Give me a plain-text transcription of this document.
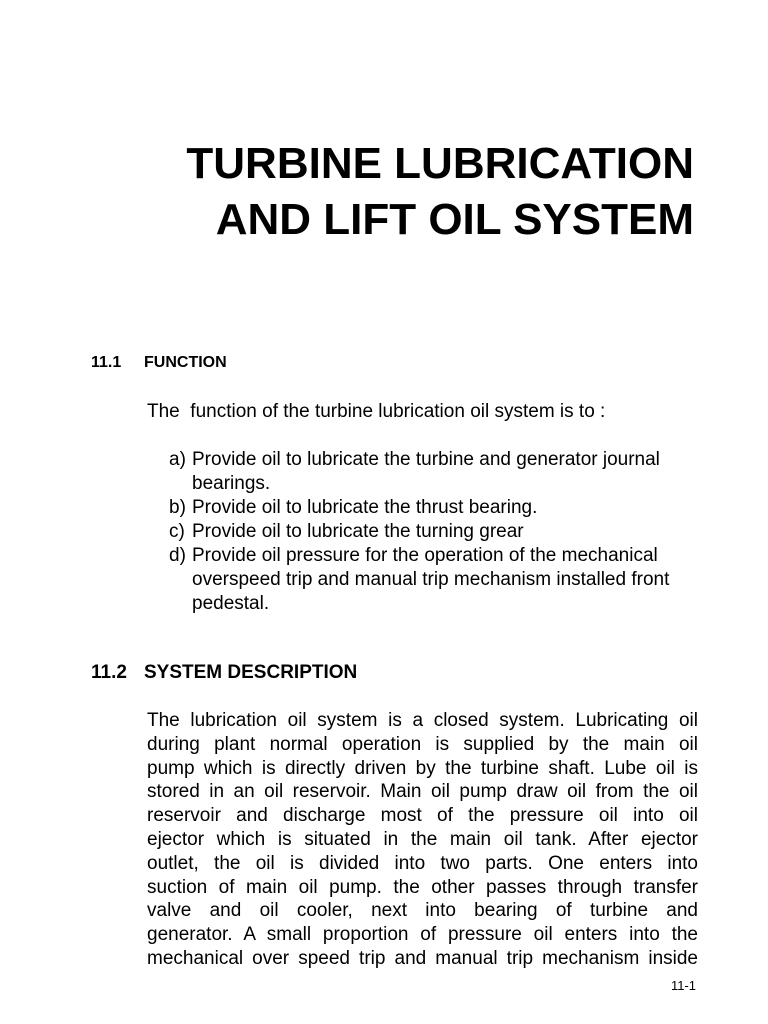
TURBINE LUBRICATION
AND LIFT OIL SYSTEM
11.1 FUNCTION

The  function of the turbine lubrication oil system is to :

a) Provide oil to lubricate the turbine and generator journal bearings.
b) Provide oil to lubricate the thrust bearing.
c) Provide oil to lubricate the turning grear
d) Provide oil pressure for the operation of the mechanical overspeed trip and manual trip mechanism installed front pedestal.
11.2 SYSTEM DESCRIPTION

The lubrication oil system is a closed system. Lubricating oil
during plant normal operation is supplied by the main oil
pump which is directly driven by the turbine shaft. Lube oil is
stored in an oil reservoir. Main oil pump draw oil from the oil
reservoir and discharge most of the pressure oil into oil
ejector which is situated in the main oil tank. After ejector
outlet, the oil is divided into two parts. One enters into
suction of main oil pump. the other passes through transfer
valve and oil cooler, next into bearing of turbine and
generator. A small proportion of pressure oil enters into the
mechanical over speed trip and manual trip mechanism inside

11-1
